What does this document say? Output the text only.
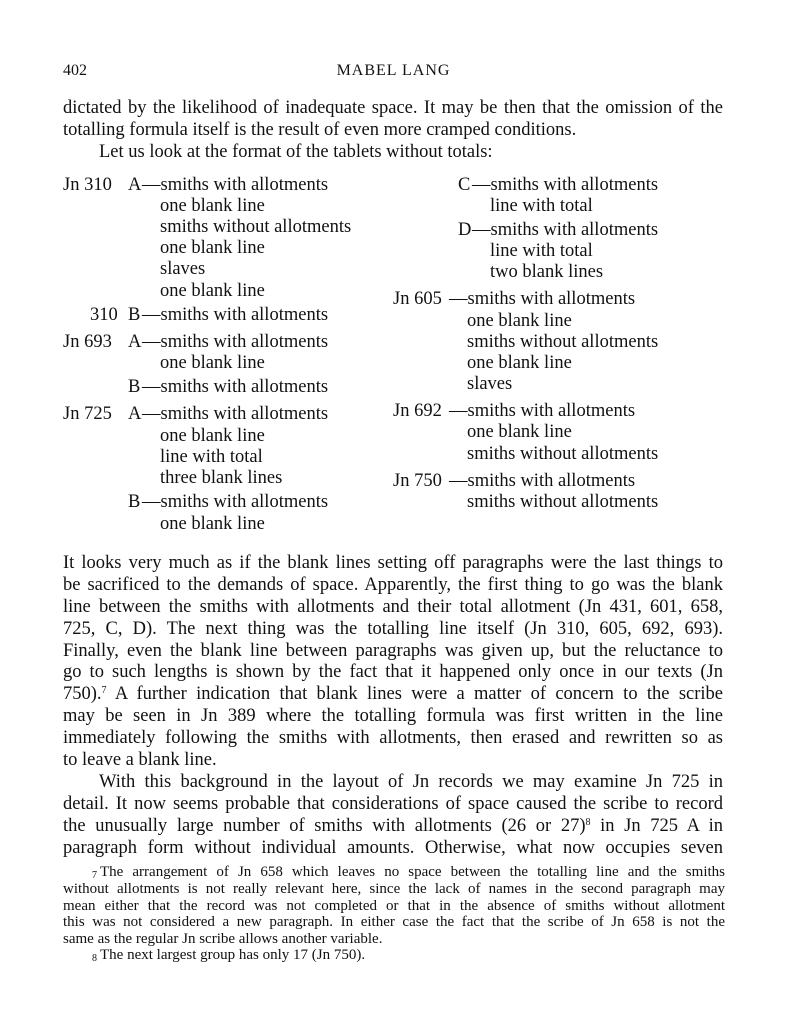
402	MABEL LANG
dictated by the likelihood of inadequate space. It may be then that the omission of the
totalling formula itself is the result of even more cramped conditions.
Let us look at the format of the tablets without totals:
Jn 310 A —smiths with allotments
one blank line
smiths without allotments
one blank line
slaves
one blank line
310 B —smiths with allotments
Jn 693 A —smiths with allotments
one blank line
B —smiths with allotments
Jn 725 A —smiths with allotments
one blank line
line with total
three blank lines
B —smiths with allotments
one blank line
C —smiths with allotments
line with total
D —smiths with allotments
line with total
two blank lines
Jn 605 —smiths with allotments
one blank line
smiths without allotments
one blank line
slaves
Jn 692 —smiths with allotments
one blank line
smiths without allotments
Jn 750 —smiths with allotments
smiths without allotments
It looks very much as if the blank lines setting off paragraphs were the last things to
be sacrificed to the demands of space. Apparently, the first thing to go was the blank
line between the smiths with allotments and their total allotment (Jn 431, 601, 658,
725, C, D). The next thing was the totalling line itself (Jn 310, 605, 692, 693).
Finally, even the blank line between paragraphs was given up, but the reluctance to
go to such lengths is shown by the fact that it happened only once in our texts (Jn
750).$^7$ A further indication that blank lines were a matter of concern to the scribe
may be seen in Jn 389 where the totalling formula was first written in the line
immediately following the smiths with allotments, then erased and rewritten so as
to leave a blank line.
With this background in the layout of Jn records we may examine Jn 725 in
detail. It now seems probable that considerations of space caused the scribe to record
the unusually large number of smiths with allotments (26 or 27)$^8$ in Jn 725 A in
paragraph form without individual amounts. Otherwise, what now occupies seven
$^7$ The arrangement of Jn 658 which leaves no space between the totalling line and the smiths
without allotments is not really relevant here, since the lack of names in the second paragraph may
mean either that the record was not completed or that in the absence of smiths without allotment
this was not considered a new paragraph. In either case the fact that the scribe of Jn 658 is not the
same as the regular Jn scribe allows another variable.
$^8$ The next largest group has only 17 (Jn 750).
